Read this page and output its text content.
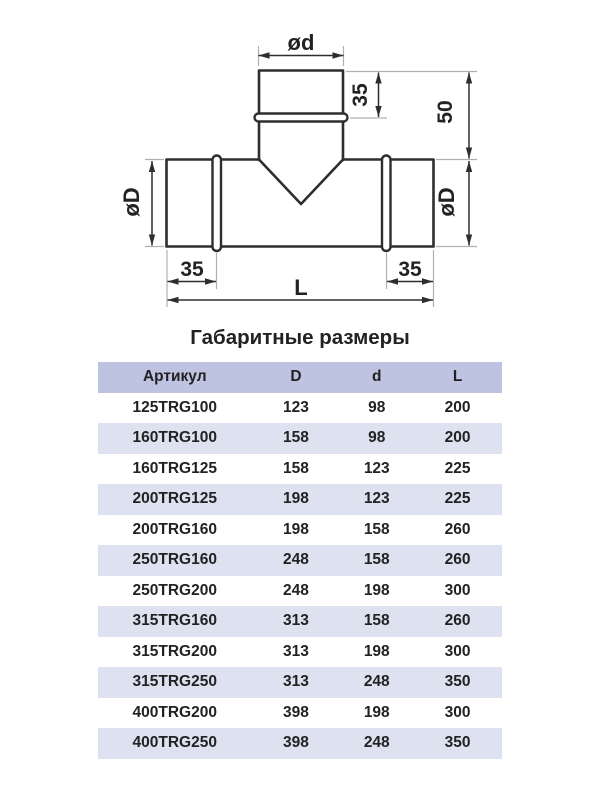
ød
35
50
øD	øD
35	35
L
Габаритные размеры
Артикул	D	d	L
125TRG100	123	98	200
160TRG100	158	98	200
160TRG125	158	123	225
200TRG125	198	123	225
200TRG160	198	158	260
250TRG160	248	158	260
250TRG200	248	198	300
315TRG160	313	158	260
315TRG200	313	198	300
315TRG250	313	248	350
400TRG200	398	198	300
400TRG250	398	248	350
